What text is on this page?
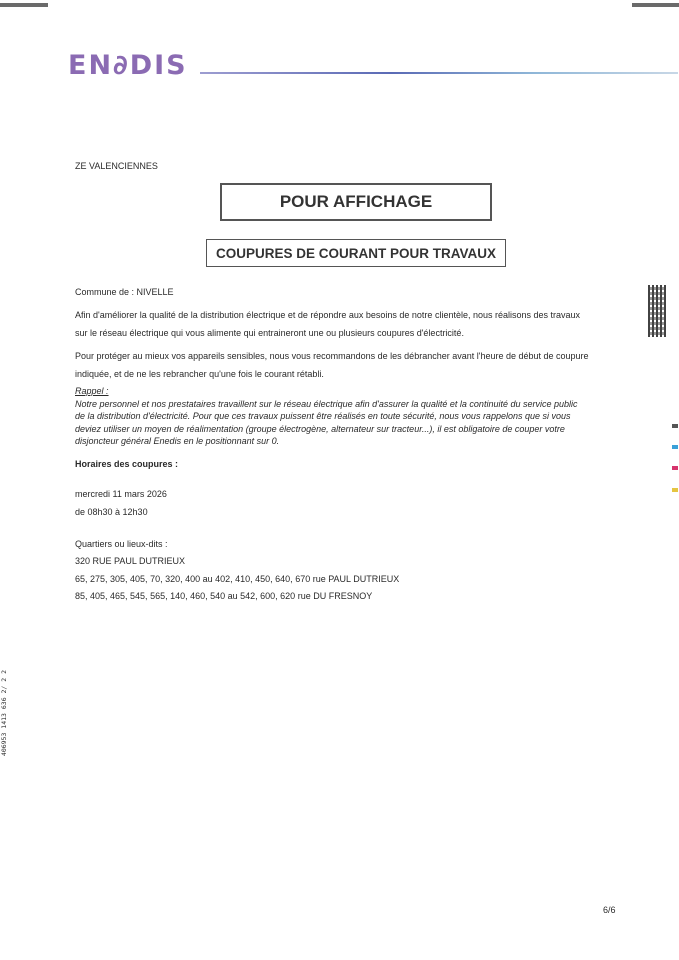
EN∂DIS
ZE VALENCIENNES
POUR AFFICHAGE
COUPURES DE COURANT POUR TRAVAUX
Commune de : NIVELLE
Afin d'améliorer la qualité de la distribution électrique et de répondre aux besoins de notre clientèle, nous réalisons des travaux
sur le réseau électrique qui vous alimente qui entraineront une ou plusieurs coupures d'électricité.
Pour protéger au mieux vos appareils sensibles, nous vous recommandons de les débrancher avant l'heure de début de coupure
indiquée, et de ne les rebrancher qu'une fois le courant rétabli.
Rappel :
Notre personnel et nos prestataires travaillent sur le réseau électrique afin d'assurer la qualité et la continuité du service public
de la distribution d'électricité. Pour que ces travaux puissent être réalisés en toute sécurité, nous vous rappelons que si vous
deviez utiliser un moyen de réalimentation (groupe électrogène, alternateur sur tracteur...), il est obligatoire de couper votre
disjoncteur général Enedis en le positionnant sur 0.
Horaires des coupures :
mercredi 11 mars 2026
de 08h30 à 12h30
Quartiers ou lieux-dits :
320 RUE PAUL DUTRIEUX
65, 275, 305, 405, 70, 320, 400 au 402, 410, 450, 640, 670 rue PAUL DUTRIEUX
85, 405, 465, 545, 565, 140, 460, 540 au 542, 600, 620 rue DU FRESNOY
406953 1413 636 2/ 2 2
6/6
